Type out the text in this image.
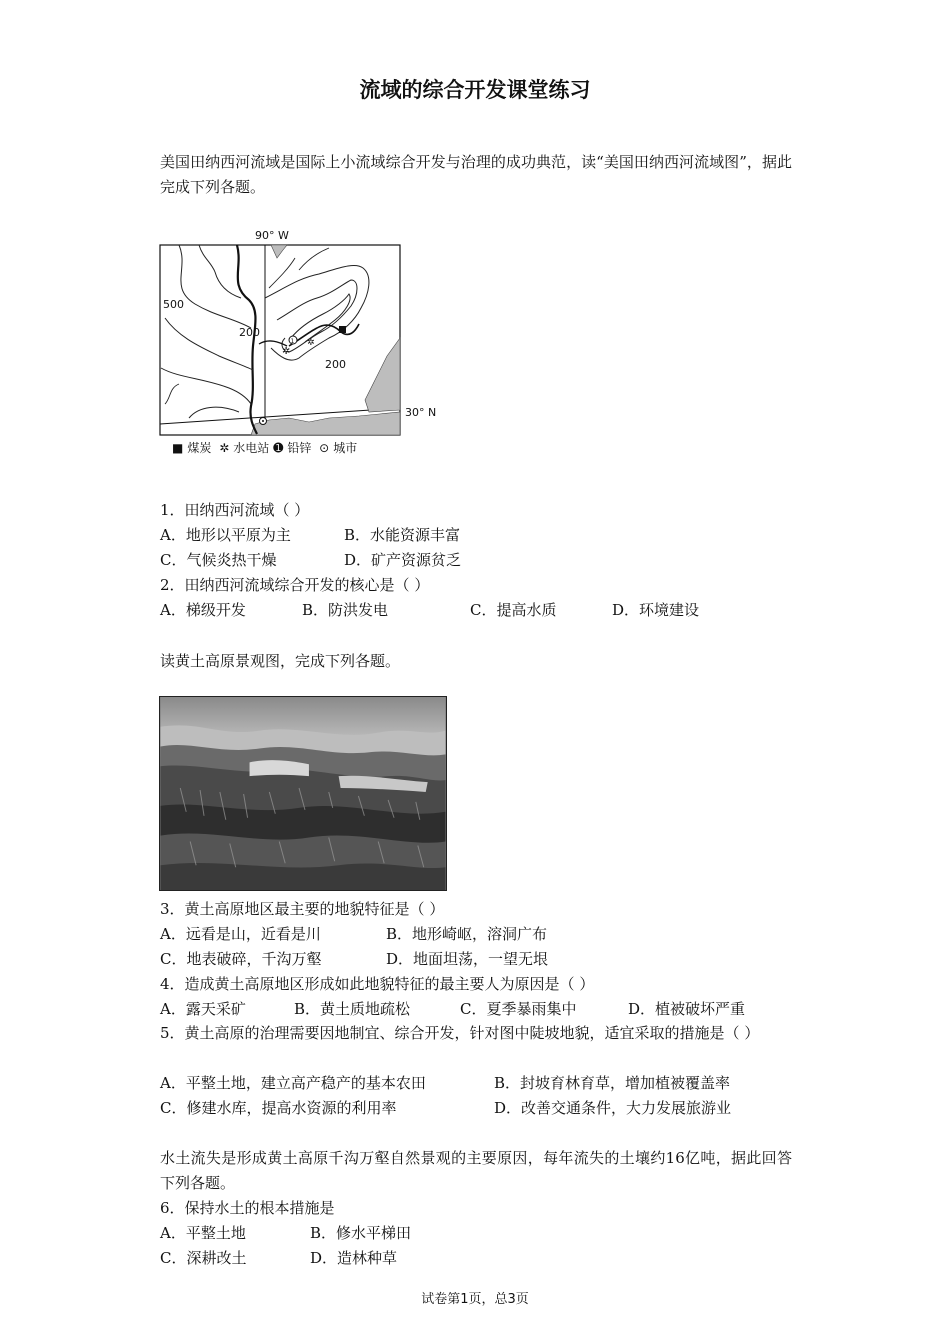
流域的综合开发课堂练习
美国田纳西河流域是国际上小流域综合开发与治理的成功典范，读“美国田纳西河流域图”，据此完成下列各题。
90° W
1
✲
✲
500
200
200
30° N
■ 煤炭 ✲ 水电站 ➊ 铅锌 ⊙ 城市
1．田纳西河流域（ ）
A．地形以平原为主	B．水能资源丰富
C．气候炎热干燥	D．矿产资源贫乏
2．田纳西河流域综合开发的核心是（ ）
A．梯级开发	B．防洪发电	C．提高水质	D．环境建设
读黄土高原景观图，完成下列各题。
3．黄土高原地区最主要的地貌特征是（ ）
A．远看是山，近看是川	B．地形崎岖，溶洞广布
C．地表破碎，千沟万壑	D．地面坦荡，一望无垠
4．造成黄土高原地区形成如此地貌特征的最主要人为原因是（ ）
A．露天采矿	B．黄土质地疏松	C．夏季暴雨集中	D．植被破坏严重
5．黄土高原的治理需要因地制宜、综合开发，针对图中陡坡地貌，适宜采取的措施是（ ）
A．平整土地，建立高产稳产的基本农田	B．封坡育林育草，增加植被覆盖率
C．修建水库，提高水资源的利用率	D．改善交通条件，大力发展旅游业
水土流失是形成黄土高原千沟万壑自然景观的主要原因，每年流失的土壤约16亿吨，据此回答下列各题。
6．保持水土的根本措施是
A．平整土地	B．修水平梯田
C．深耕改土	D．造林种草
试卷第1页，总3页
